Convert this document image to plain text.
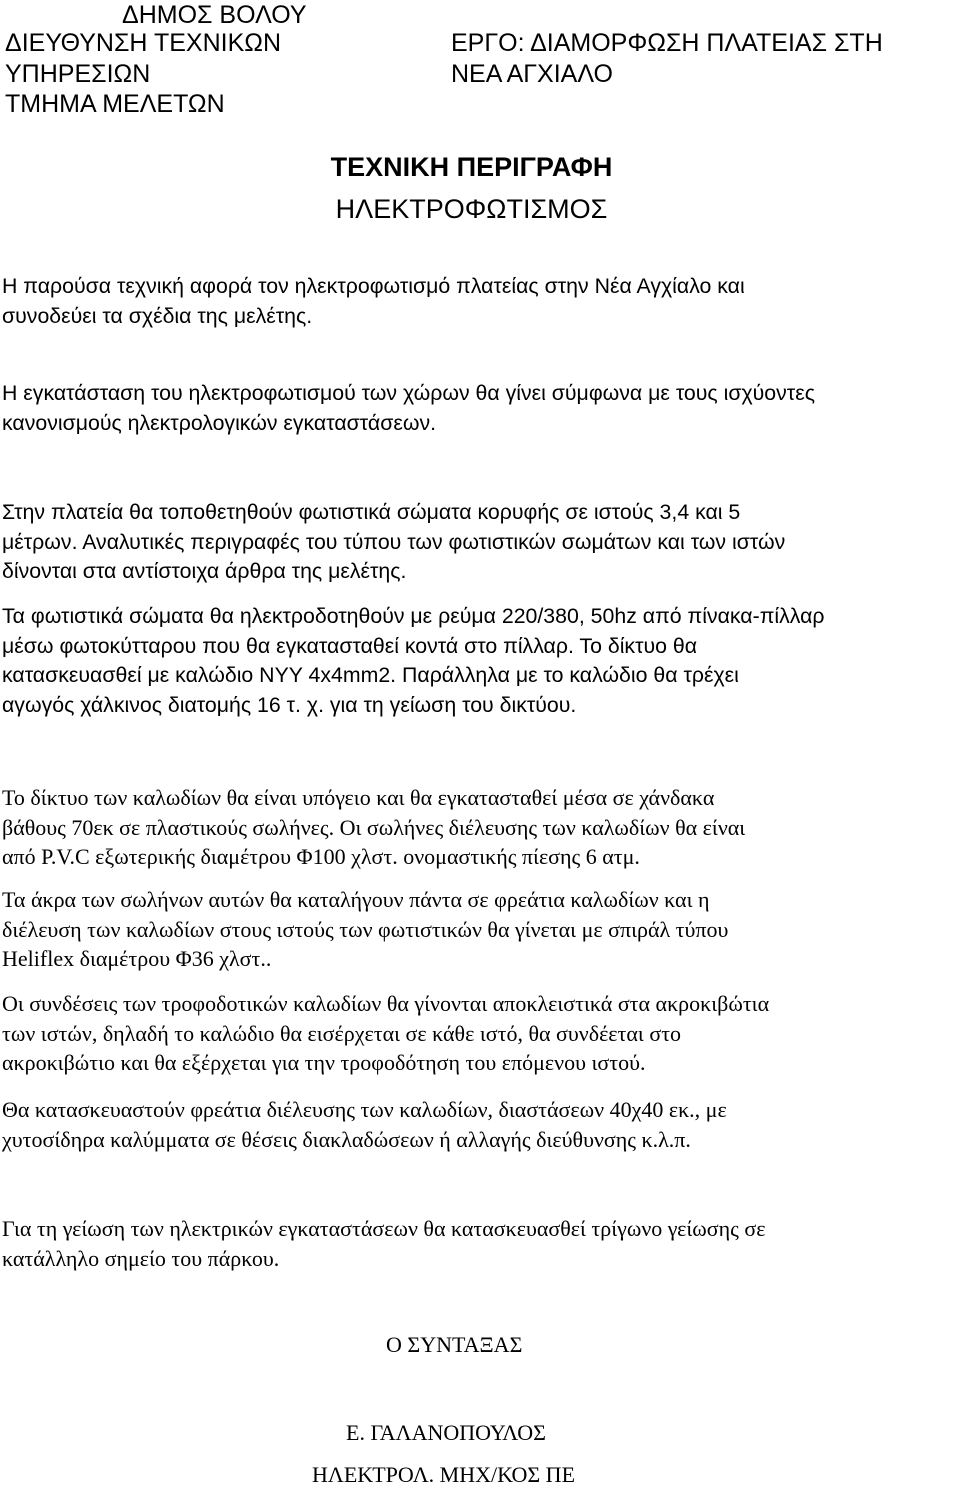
ΔΗΜΟΣ ΒΟΛΟΥ
ΔΙΕΥΘΥΝΣΗ ΤΕΧΝΙΚΩΝ
ΥΠΗΡΕΣΙΩΝ
ΤΜΗΜΑ ΜΕΛΕΤΩΝ
ΕΡΓΟ: ΔΙΑΜΟΡΦΩΣΗ ΠΛΑΤΕΙΑΣ ΣΤΗ
ΝΕΑ ΑΓΧΙΑΛΟ
ΤΕΧΝΙΚΗ ΠΕΡΙΓΡΑΦΗ
ΗΛΕΚΤΡΟΦΩΤΙΣΜΟΣ
Η παρούσα τεχνική αφορά τον ηλεκτροφωτισμό πλατείας στην Νέα Αγχίαλο και
συνοδεύει τα σχέδια της μελέτης.
Η εγκατάσταση του ηλεκτροφωτισμού των χώρων θα γίνει σύμφωνα με τους ισχύοντες
κανονισμούς ηλεκτρολογικών εγκαταστάσεων.
Στην πλατεία θα τοποθετηθούν φωτιστικά σώματα κορυφής σε ιστούς 3,4 και 5
μέτρων. Αναλυτικές περιγραφές του τύπου των φωτιστικών σωμάτων και των ιστών
δίνονται στα αντίστοιχα άρθρα της μελέτης.
Τα φωτιστικά σώματα θα ηλεκτροδοτηθούν με ρεύμα 220/380, 50hz από πίνακα-πίλλαρ
μέσω φωτοκύτταρου που θα εγκατασταθεί κοντά στο πίλλαρ. Το δίκτυο θα
κατασκευασθεί με καλώδιο NYY 4x4mm2. Παράλληλα με το καλώδιο θα τρέχει
αγωγός χάλκινος διατομής 16 τ. χ. για τη γείωση του δικτύου.
Το δίκτυο των καλωδίων θα είναι υπόγειο και θα εγκατασταθεί μέσα σε χάνδακα
βάθους 70εκ σε πλαστικούς σωλήνες. Οι σωλήνες διέλευσης των καλωδίων θα είναι
από P.V.C εξωτερικής διαμέτρου Φ100 χλστ. ονομαστικής πίεσης 6 ατμ.
Τα άκρα των σωλήνων αυτών θα καταλήγουν πάντα σε φρεάτια καλωδίων και η
διέλευση των καλωδίων στους ιστούς των φωτιστικών θα γίνεται με σπιράλ τύπου
Heliflex διαμέτρου Φ36 χλστ..
Οι συνδέσεις των τροφοδοτικών καλωδίων θα γίνονται αποκλειστικά στα ακροκιβώτια
των ιστών, δηλαδή το καλώδιο θα εισέρχεται σε κάθε ιστό, θα συνδέεται στο
ακροκιβώτιο και θα εξέρχεται για την τροφοδότηση του επόμενου ιστού.
Θα κατασκευαστούν φρεάτια διέλευσης των καλωδίων, διαστάσεων 40χ40 εκ., με
χυτοσίδηρα καλύμματα σε θέσεις διακλαδώσεων ή αλλαγής διεύθυνσης κ.λ.π.
Για τη γείωση των ηλεκτρικών εγκαταστάσεων θα κατασκευασθεί τρίγωνο γείωσης σε
κατάλληλο σημείο του πάρκου.
Ο ΣΥΝΤΑΞΑΣ
Ε. ΓΑΛΑΝΟΠΟΥΛΟΣ
ΗΛΕΚΤΡΟΛ. ΜΗΧ/ΚΟΣ ΠΕ
